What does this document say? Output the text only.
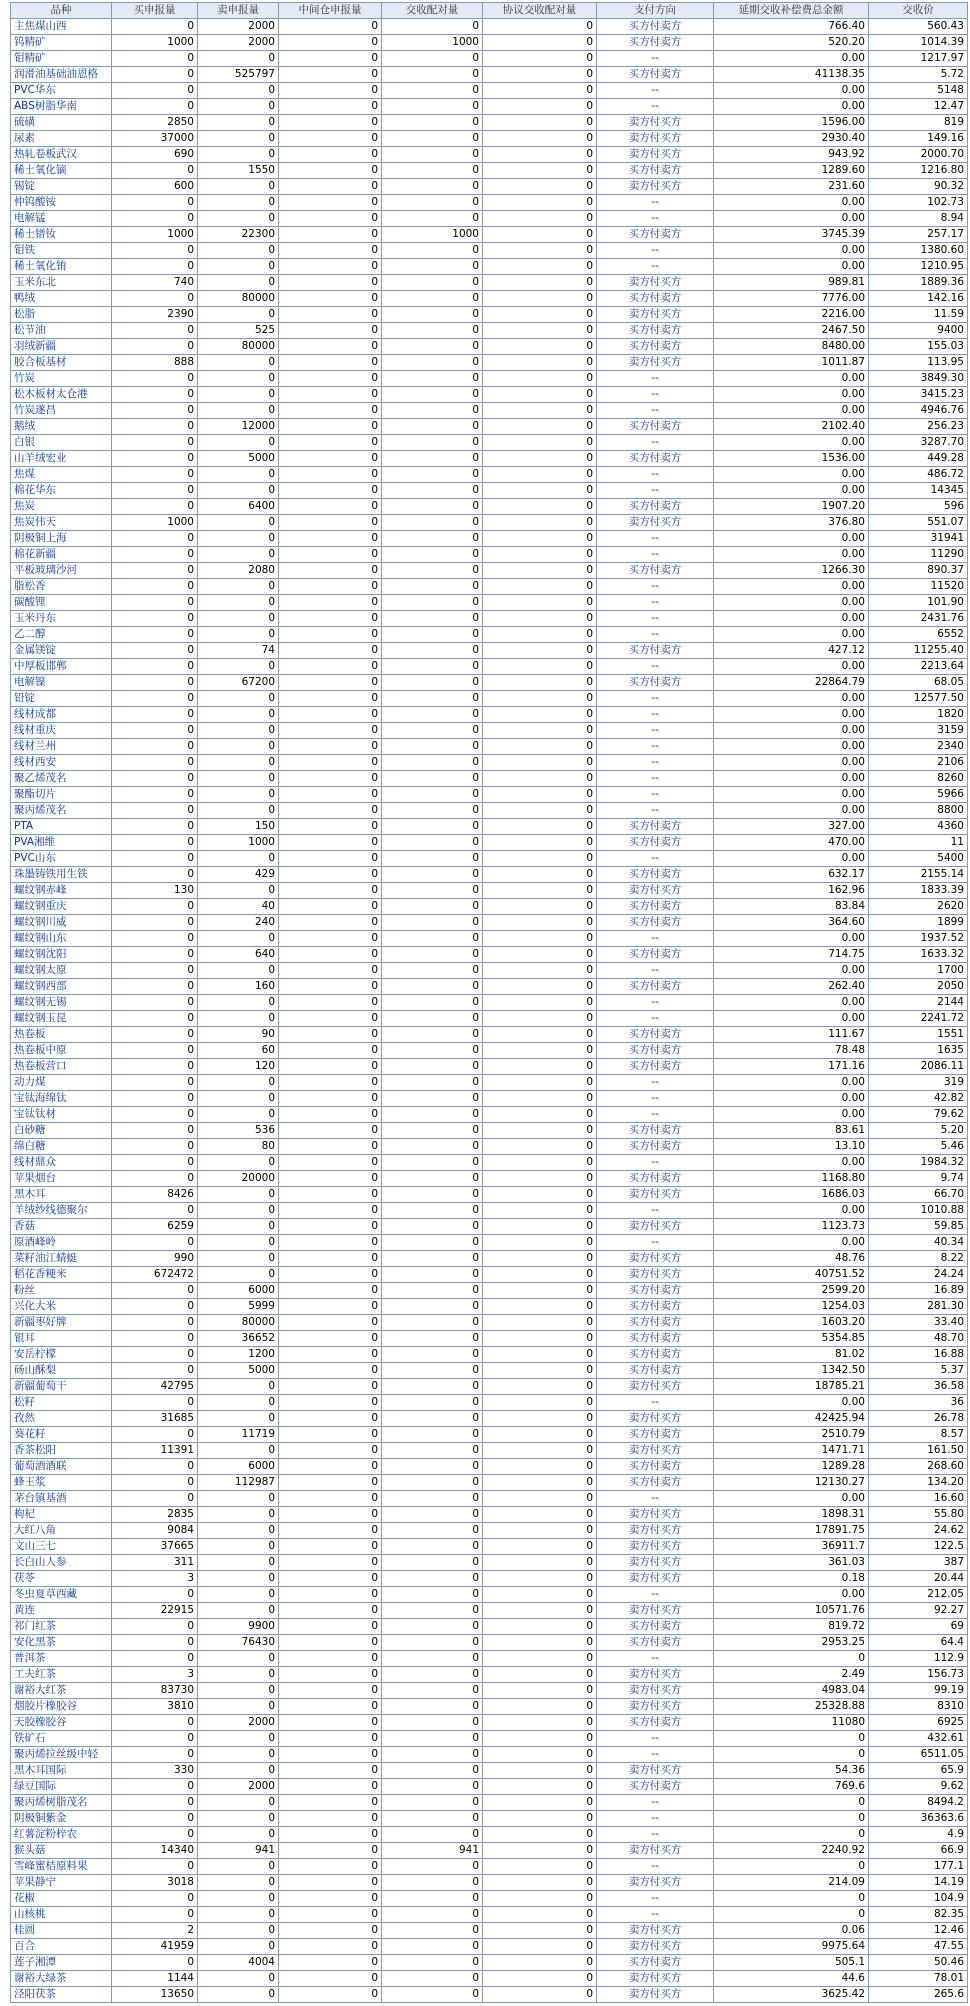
品种	买申报量	卖申报量	中间仓申报量	交收配对量	协议交收配对量	支付方向	延期交收补偿费总金额	交收价
主焦煤山西	0	2000	0	0	0	买方付卖方	766.40	560.43
钨精矿	1000	2000	0	1000	0	买方付卖方	520.20	1014.39
钼精矿	0	0	0	0	0	--	0.00	1217.97
润滑油基础油恩格	0	525797	0	0	0	买方付卖方	41138.35	5.72
PVC华东	0	0	0	0	0	--	0.00	5148
ABS树脂华南	0	0	0	0	0	--	0.00	12.47
硫磺	2850	0	0	0	0	卖方付买方	1596.00	819
尿素	37000	0	0	0	0	卖方付买方	2930.40	149.16
热轧卷板武汉	690	0	0	0	0	卖方付买方	943.92	2000.70
稀土氧化镝	0	1550	0	0	0	买方付卖方	1289.60	1216.80
锡锭	600	0	0	0	0	卖方付买方	231.60	90.32
仲钨酸铵	0	0	0	0	0	--	0.00	102.73
电解锰	0	0	0	0	0	--	0.00	8.94
稀土镨钕	1000	22300	0	1000	0	买方付卖方	3745.39	257.17
钼铁	0	0	0	0	0	--	0.00	1380.60
稀土氧化铕	0	0	0	0	0	--	0.00	1210.95
玉米东北	740	0	0	0	0	卖方付买方	989.81	1889.36
鸭绒	0	80000	0	0	0	买方付卖方	7776.00	142.16
松脂	2390	0	0	0	0	卖方付买方	2216.00	11.59
松节油	0	525	0	0	0	买方付卖方	2467.50	9400
羽绒新疆	0	80000	0	0	0	买方付卖方	8480.00	155.03
胶合板基材	888	0	0	0	0	卖方付买方	1011.87	113.95
竹炭	0	0	0	0	0	--	0.00	3849.30
松木板材太仓港	0	0	0	0	0	--	0.00	3415.23
竹炭遂昌	0	0	0	0	0	--	0.00	4946.76
鹅绒	0	12000	0	0	0	买方付卖方	2102.40	256.23
白银	0	0	0	0	0	--	0.00	3287.70
山羊绒宏业	0	5000	0	0	0	买方付卖方	1536.00	449.28
焦煤	0	0	0	0	0	--	0.00	486.72
棉花华东	0	0	0	0	0	--	0.00	14345
焦炭	0	6400	0	0	0	买方付卖方	1907.20	596
焦炭伟天	1000	0	0	0	0	卖方付买方	376.80	551.07
阴极铜上海	0	0	0	0	0	--	0.00	31941
棉花新疆	0	0	0	0	0	--	0.00	11290
平板玻璃沙河	0	2080	0	0	0	买方付卖方	1266.30	890.37
脂松香	0	0	0	0	0	--	0.00	11520
碳酸锂	0	0	0	0	0	--	0.00	101.90
玉米丹东	0	0	0	0	0	--	0.00	2431.76
乙二醇	0	0	0	0	0	--	0.00	6552
金属镁锭	0	74	0	0	0	买方付卖方	427.12	11255.40
中厚板邯郸	0	0	0	0	0	--	0.00	2213.64
电解镍	0	67200	0	0	0	买方付卖方	22864.79	68.05
铅锭	0	0	0	0	0	--	0.00	12577.50
线材成都	0	0	0	0	0	--	0.00	1820
线材重庆	0	0	0	0	0	--	0.00	3159
线材兰州	0	0	0	0	0	--	0.00	2340
线材西安	0	0	0	0	0	--	0.00	2106
聚乙烯茂名	0	0	0	0	0	--	0.00	8260
聚酯切片	0	0	0	0	0	--	0.00	5966
聚丙烯茂名	0	0	0	0	0	--	0.00	8800
PTA	0	150	0	0	0	买方付卖方	327.00	4360
PVA湘维	0	1000	0	0	0	买方付卖方	470.00	11
PVC山东	0	0	0	0	0	--	0.00	5400
珠墨铸铁用生铁	0	429	0	0	0	买方付卖方	632.17	2155.14
螺纹钢赤峰	130	0	0	0	0	卖方付买方	162.96	1833.39
螺纹钢重庆	0	40	0	0	0	买方付卖方	83.84	2620
螺纹钢川威	0	240	0	0	0	买方付卖方	364.60	1899
螺纹钢山东	0	0	0	0	0	--	0.00	1937.52
螺纹钢沈阳	0	640	0	0	0	买方付卖方	714.75	1633.32
螺纹钢太原	0	0	0	0	0	--	0.00	1700
螺纹钢西部	0	160	0	0	0	买方付卖方	262.40	2050
螺纹钢无锡	0	0	0	0	0	--	0.00	2144
螺纹钢玉昆	0	0	0	0	0	--	0.00	2241.72
热卷板	0	90	0	0	0	买方付卖方	111.67	1551
热卷板中原	0	60	0	0	0	买方付卖方	78.48	1635
热卷板营口	0	120	0	0	0	买方付卖方	171.16	2086.11
动力煤	0	0	0	0	0	--	0.00	319
宝钛海绵钛	0	0	0	0	0	--	0.00	42.82
宝钛钛材	0	0	0	0	0	--	0.00	79.62
白砂糖	0	536	0	0	0	买方付卖方	83.61	5.20
绵白糖	0	80	0	0	0	买方付卖方	13.10	5.46
线材鼎众	0	0	0	0	0	--	0.00	1984.32
苹果烟台	0	20000	0	0	0	买方付卖方	1168.80	9.74
黑木耳	8426	0	0	0	0	卖方付买方	1686.03	66.70
羊绒纱线德聚尔	0	0	0	0	0	--	0.00	1010.88
香菇	6259	0	0	0	0	卖方付买方	1123.73	59.85
原酒峰岭	0	0	0	0	0	--	0.00	40.34
菜籽油江蜻蜓	990	0	0	0	0	卖方付买方	48.76	8.22
稻花香粳米	672472	0	0	0	0	卖方付买方	40751.52	24.24
粉丝	0	6000	0	0	0	买方付卖方	2599.20	16.89
兴化大米	0	5999	0	0	0	买方付卖方	1254.03	281.30
新疆枣好牌	0	80000	0	0	0	买方付卖方	1603.20	33.40
银耳	0	36652	0	0	0	买方付卖方	5354.85	48.70
安岳柠檬	0	1200	0	0	0	买方付卖方	81.02	16.88
砀山酥梨	0	5000	0	0	0	买方付卖方	1342.50	5.37
新疆葡萄干	42795	0	0	0	0	卖方付买方	18785.21	36.58
松籽	0	0	0	0	0	--	0.00	36
孜然	31685	0	0	0	0	卖方付买方	42425.94	26.78
葵花籽	0	11719	0	0	0	买方付卖方	2510.79	8.57
香茶松阳	11391	0	0	0	0	卖方付买方	1471.71	161.50
葡萄酒酒联	0	6000	0	0	0	买方付卖方	1289.28	268.60
蜂王浆	0	112987	0	0	0	买方付卖方	12130.27	134.20
茅台镇基酒	0	0	0	0	0	--	0.00	16.60
枸杞	2835	0	0	0	0	卖方付买方	1898.31	55.80
大红八角	9084	0	0	0	0	卖方付买方	17891.75	24.62
文山三七	37665	0	0	0	0	卖方付买方	36911.7	122.5
长白山人参	311	0	0	0	0	卖方付买方	361.03	387
茯苓	3	0	0	0	0	卖方付买方	0.18	20.44
冬虫夏草西藏	0	0	0	0	0	--	0.00	212.05
黄连	22915	0	0	0	0	卖方付买方	10571.76	92.27
祁门红茶	0	9900	0	0	0	买方付卖方	819.72	69
安化黑茶	0	76430	0	0	0	买方付卖方	2953.25	64.4
普洱茶	0	0	0	0	0	--	0	112.9
工夫红茶	3	0	0	0	0	卖方付买方	2.49	156.73
谢裕大红茶	83730	0	0	0	0	卖方付买方	4983.04	99.19
烟胶片橡胶谷	3810	0	0	0	0	卖方付买方	25328.88	8310
天胶橡胶谷	0	2000	0	0	0	买方付卖方	11080	6925
铁矿石	0	0	0	0	0	--	0	432.61
聚丙烯拉丝级中轻	0	0	0	0	0	--	0	6511.05
黑木耳国际	330	0	0	0	0	卖方付买方	54.36	65.9
绿豆国际	0	2000	0	0	0	买方付卖方	769.6	9.62
聚丙烯树脂茂名	0	0	0	0	0	--	0	8494.2
阴极铜紫金	0	0	0	0	0	--	0	36363.6
红薯淀粉梓农	0	0	0	0	0	--	0	4.9
猴头菇	14340	941	0	941	0	卖方付买方	2240.92	66.9
雪峰蜜桔原料果	0	0	0	0	0	--	0	177.1
苹果静宁	3018	0	0	0	0	卖方付买方	214.09	14.19
花椒	0	0	0	0	0	--	0	104.9
山核桃	0	0	0	0	0	--	0	82.35
桂圆	2	0	0	0	0	卖方付买方	0.06	12.46
百合	41959	0	0	0	0	卖方付买方	9975.64	47.55
莲子湘潭	0	4004	0	0	0	买方付卖方	505.1	50.46
谢裕大绿茶	1144	0	0	0	0	卖方付买方	44.6	78.01
泾阳茯茶	13650	0	0	0	0	卖方付买方	3625.42	265.6
